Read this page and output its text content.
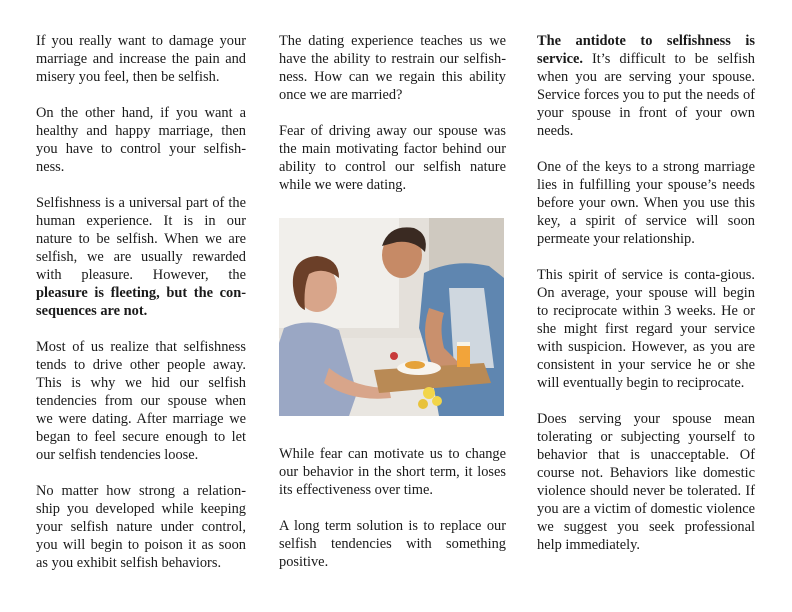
If you really want to damage your marriage and increase the pain and misery you feel, then be selfish.

On the other hand, if you want a healthy and happy marriage, then you have to control your selfish-ness.

Selfishness is a universal part of the human experience. It is in our nature to be selfish. When we are selfish, we are usually rewarded with pleasure. However, the pleasure is fleeting, but the con-sequences are not.

Most of us realize that selfishness tends to drive other people away. This is why we hid our selfish tendencies from our spouse when we were dating. After marriage we began to feel secure enough to let our selfish tendencies loose.

No matter how strong a relation-ship you developed while keeping your selfish nature under control, you will begin to poison it as soon as you exhibit selfish behaviors.

The dating experience teaches us we have the ability to restrain our selfish-ness. How can we regain this ability once we are married?

Fear of driving away our spouse was the main motivating factor behind our ability to control our selfish nature while we were dating.

While fear can motivate us to change our behavior in the short term, it loses its effectiveness over time.

A long term solution is to replace our selfish tendencies with something positive.

The antidote to selfishness is service. It’s difficult to be selfish when you are serving your spouse. Service forces you to put the needs of your spouse in front of your own needs.

One of the keys to a strong marriage lies in fulfilling your spouse’s needs before your own. When you use this key, a spirit of service will soon permeate your relationship.

This spirit of service is conta-gious. On average, your spouse will begin to reciprocate within 3 weeks. He or she might first regard your service with suspicion. However, as you are consistent in your service he or she will eventually begin to reciprocate.

Does serving your spouse mean tolerating or subjecting yourself to behavior that is unacceptable. Of course not. Behaviors like domestic violence should never be tolerated. If you are a victim of domestic violence we suggest you seek professional help immediately.
